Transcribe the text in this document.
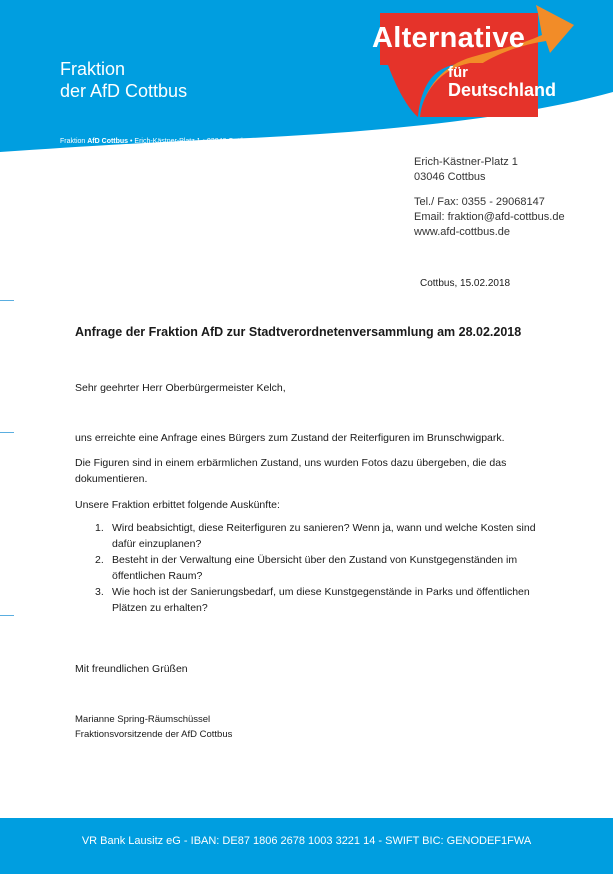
Fraktion
der AfD Cottbus
Alternative
für
Deutschland
Fraktion AfD Cottbus • Erich-Kästner-Platz 1 • 03046 Cottbus
Erich-Kästner-Platz 1
03046 Cottbus
Tel./ Fax: 0355 - 29068147
Email: fraktion@afd-cottbus.de
www.afd-cottbus.de
Cottbus, 15.02.2018
Anfrage der Fraktion AfD zur Stadtverordnetenversammlung am 28.02.2018
Sehr geehrter Herr Oberbürgermeister Kelch,
uns erreichte eine Anfrage eines Bürgers zum Zustand der Reiterfiguren im Brunschwigpark.
Die Figuren sind in einem erbärmlichen Zustand, uns wurden Fotos dazu übergeben, die das dokumentieren.
Unsere Fraktion erbittet folgende Auskünfte:
1. Wird beabsichtigt, diese Reiterfiguren zu sanieren? Wenn ja, wann und welche Kosten sind dafür einzuplanen?
2. Besteht in der Verwaltung eine Übersicht über den Zustand von Kunstgegenständen im öffentlichen Raum?
3. Wie hoch ist der Sanierungsbedarf, um diese Kunstgegenstände in Parks und öffentlichen Plätzen zu erhalten?
Mit freundlichen Grüßen
Marianne Spring-Räumschüssel
Fraktionsvorsitzende der AfD Cottbus
VR Bank Lausitz eG - IBAN: DE87 1806 2678 1003 3221 14 - SWIFT BIC: GENODEF1FWA
